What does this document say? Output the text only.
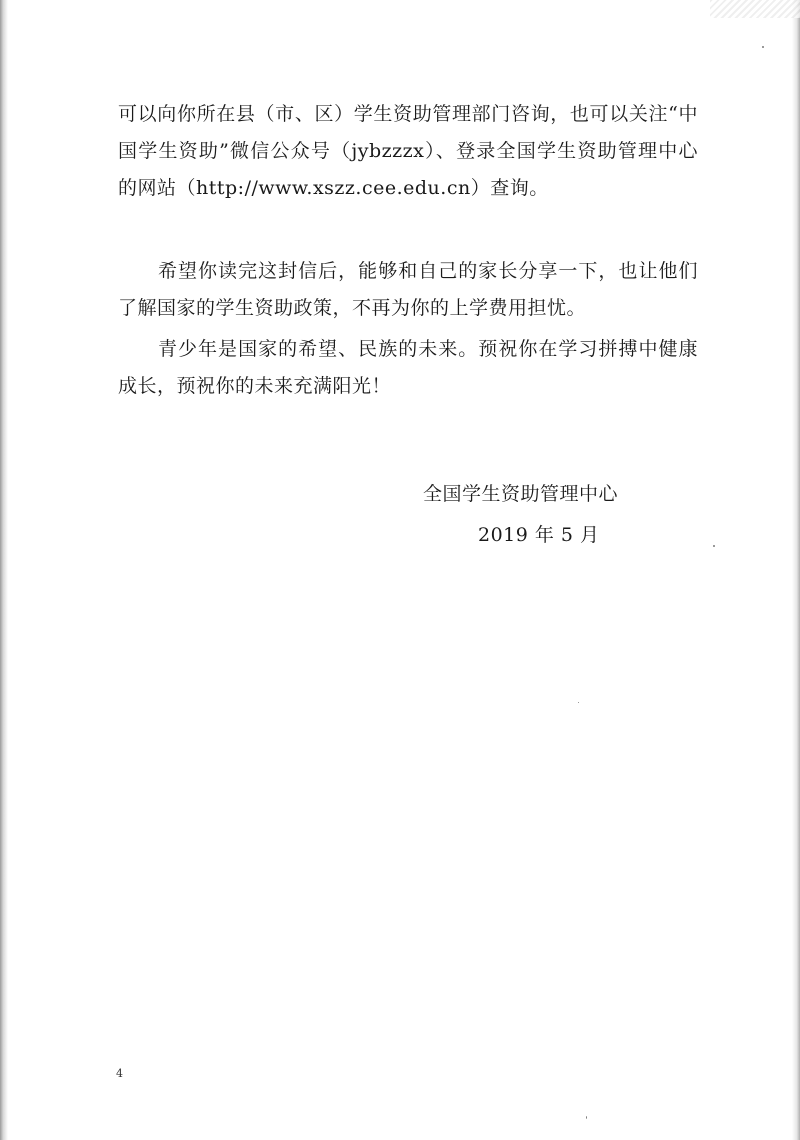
可以向你所在县（市、区）学生资助管理部门咨询，也可以关注“中国学生资助”微信公众号（jybzzzx）、登录全国学生资助管理中心的网站（http://www.xszz.cee.edu.cn）查询。

希望你读完这封信后，能够和自己的家长分享一下，也让他们了解国家的学生资助政策，不再为你的上学费用担忧。

青少年是国家的希望、民族的未来。预祝你在学习拼搏中健康成长，预祝你的未来充满阳光！

全国学生资助管理中心
2019 年 5 月
4
